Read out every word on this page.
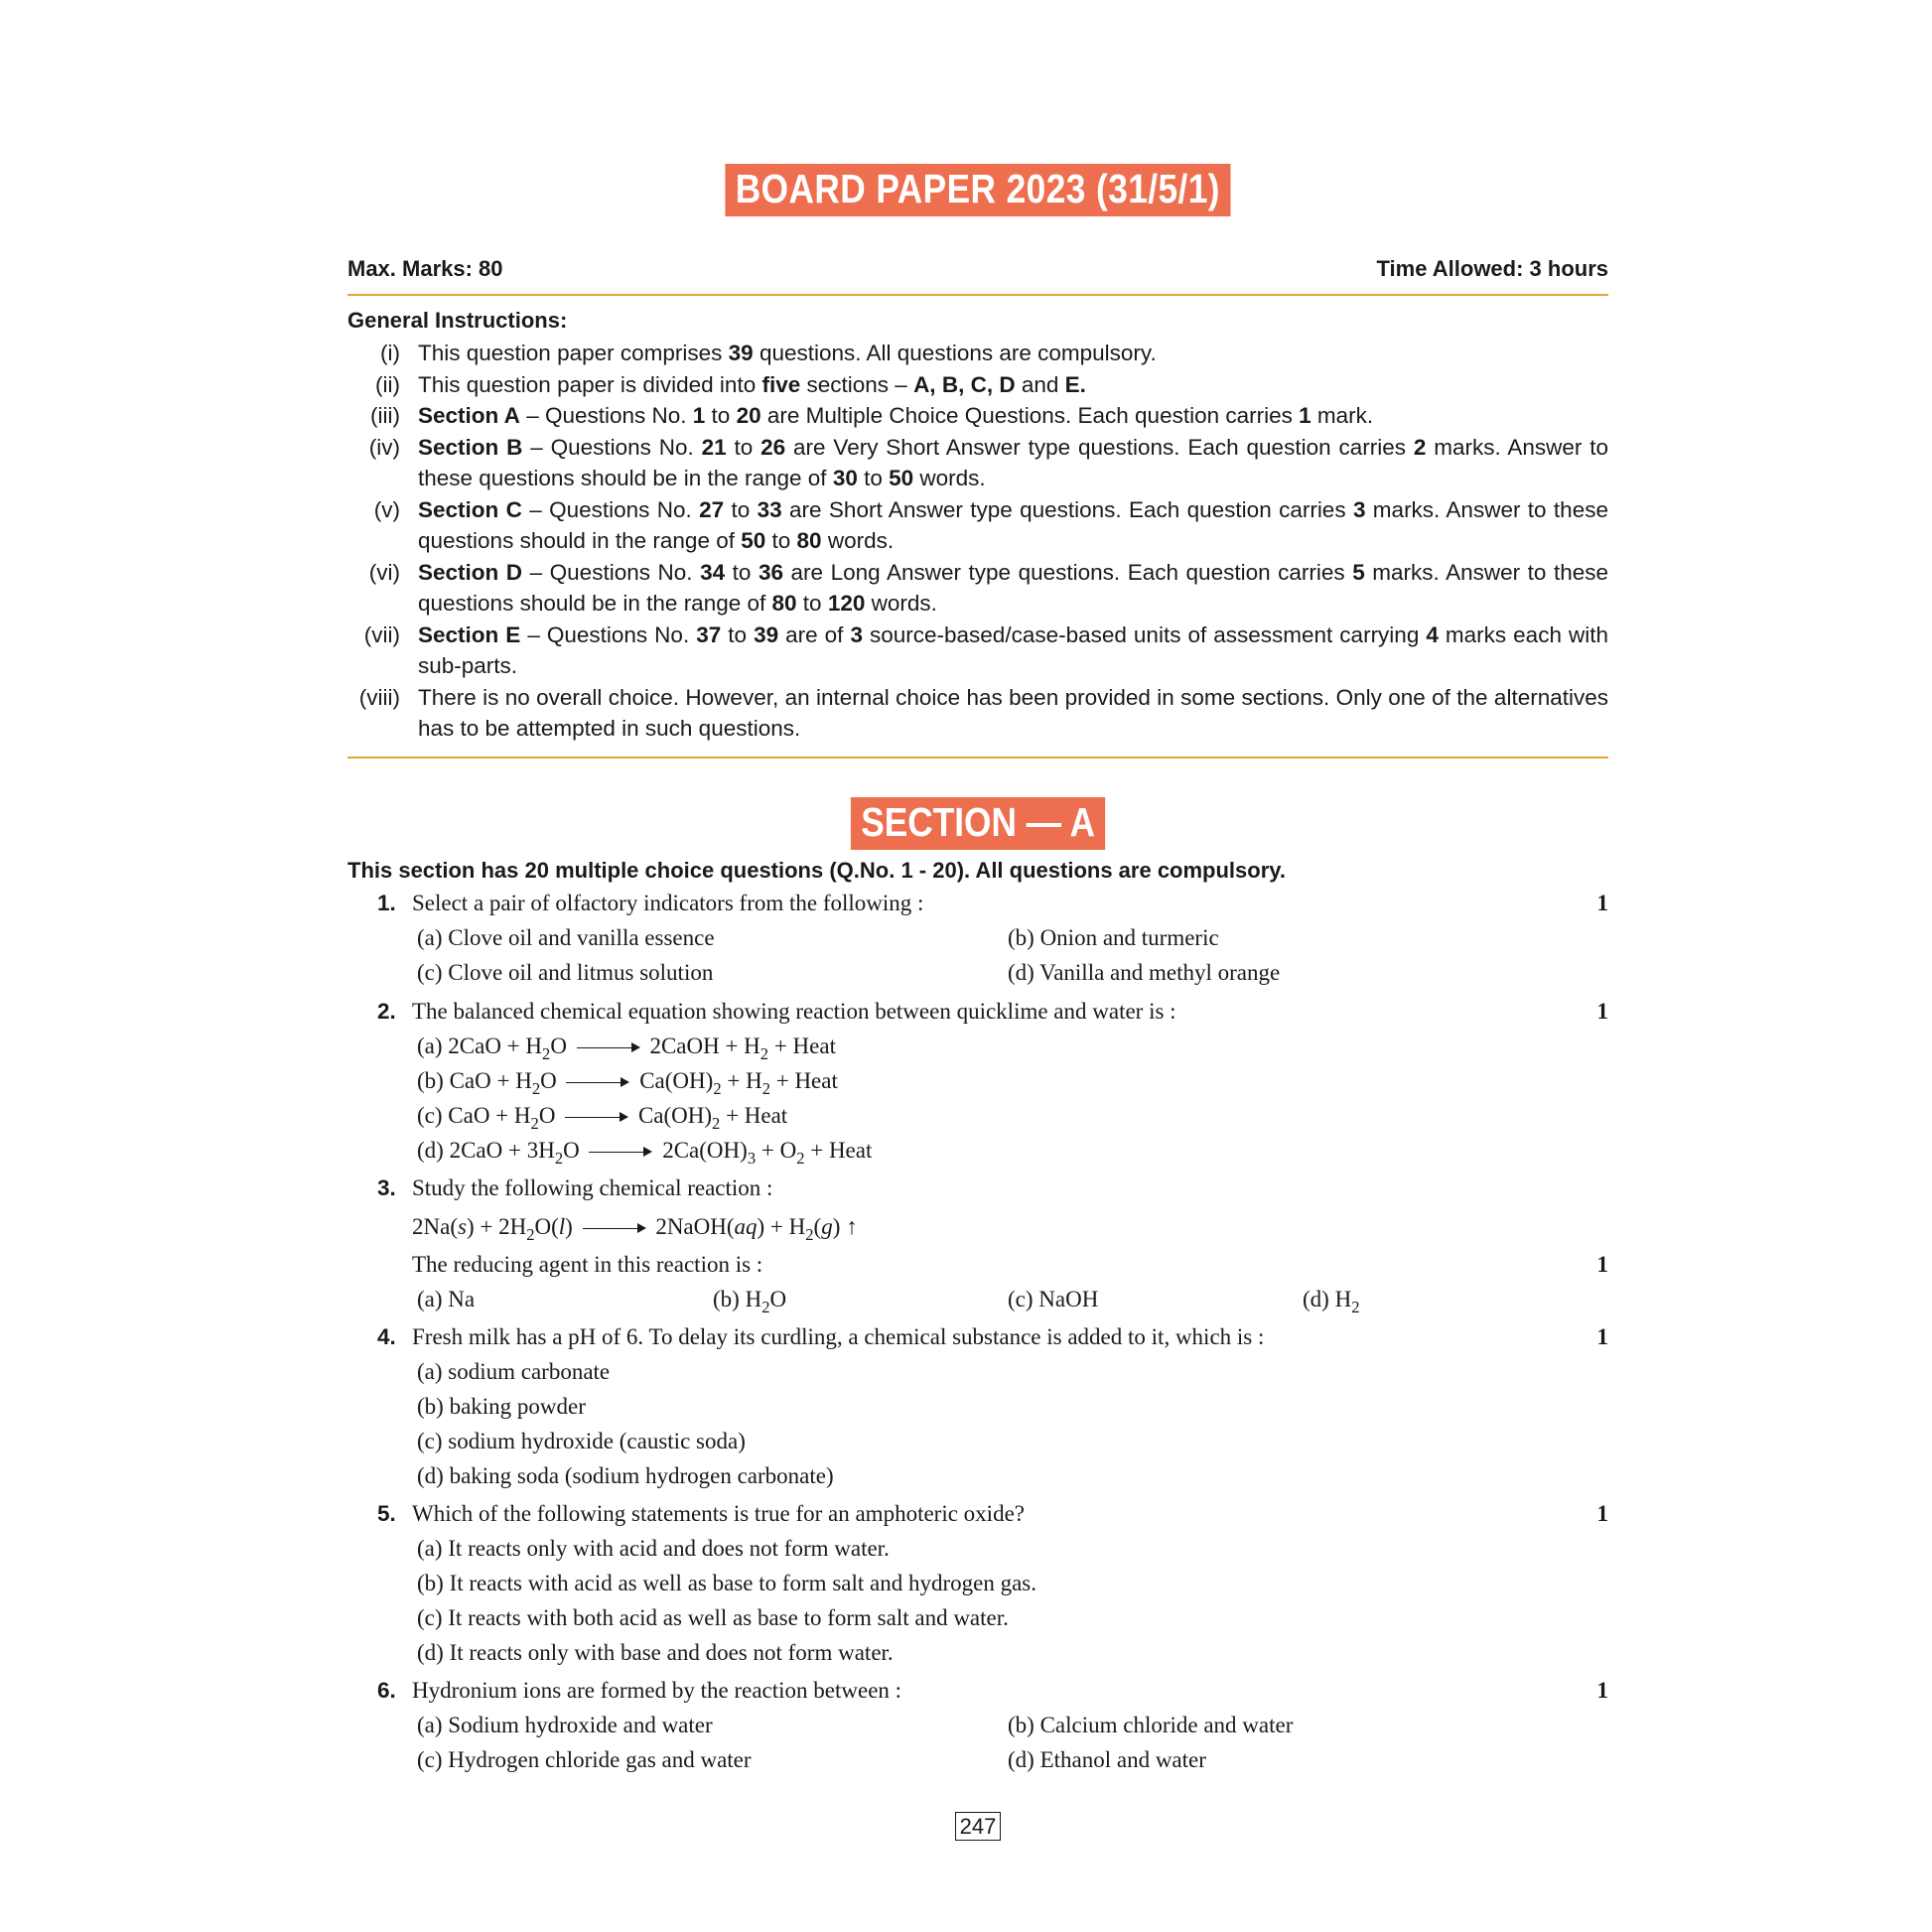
BOARD PAPER 2023 (31/5/1)
Max. Marks: 80	Time Allowed: 3 hours
General Instructions:
(i) This question paper comprises 39 questions. All questions are compulsory.
(ii) This question paper is divided into five sections – A, B, C, D and E.
(iii) Section A – Questions No. 1 to 20 are Multiple Choice Questions. Each question carries 1 mark.
(iv) Section B – Questions No. 21 to 26 are Very Short Answer type questions. Each question carries 2 marks. Answer to these questions should be in the range of 30 to 50 words.
(v) Section C – Questions No. 27 to 33 are Short Answer type questions. Each question carries 3 marks. Answer to these questions should in the range of 50 to 80 words.
(vi) Section D – Questions No. 34 to 36 are Long Answer type questions. Each question carries 5 marks. Answer to these questions should be in the range of 80 to 120 words.
(vii) Section E – Questions No. 37 to 39 are of 3 source-based/case-based units of assessment carrying 4 marks each with sub-parts.
(viii) There is no overall choice. However, an internal choice has been provided in some sections. Only one of the alternatives has to be attempted in such questions.
SECTION — A
This section has 20 multiple choice questions (Q.No. 1 - 20). All questions are compulsory.
1. Select a pair of olfactory indicators from the following :	1
(a) Clove oil and vanilla essence	(b) Onion and turmeric
(c) Clove oil and litmus solution	(d) Vanilla and methyl orange
2. The balanced chemical equation showing reaction between quicklime and water is :	1
(a) $2CaO + H_2O$	2CaOH + $H_2$ + Heat
(b) CaO + $H_2O$	$Ca(OH)_2 + H_2$ + Heat
(c) CaO + $H_2O$	$Ca(OH)_2$ + Heat
(d) $2CaO + 3H_2O$	$2Ca(OH)_3 + O_2$ + Heat
3. Study the following chemical reaction :
$2Na(s) + 2H_2O(l)$	2NaOH(aq) + $H_2(g)$ ↑
The reducing agent in this reaction is :	1
(a) Na	(b) $H_2O$	(c) NaOH	(d) $H_2$
4. Fresh milk has a pH of 6. To delay its curdling, a chemical substance is added to it, which is :	1
(a) sodium carbonate
(b) baking powder
(c) sodium hydroxide (caustic soda)
(d) baking soda (sodium hydrogen carbonate)
5. Which of the following statements is true for an amphoteric oxide?	1
(a) It reacts only with acid and does not form water.
(b) It reacts with acid as well as base to form salt and hydrogen gas.
(c) It reacts with both acid as well as base to form salt and water.
(d) It reacts only with base and does not form water.
6. Hydronium ions are formed by the reaction between :	1
(a) Sodium hydroxide and water	(b) Calcium chloride and water
(c) Hydrogen chloride gas and water	(d) Ethanol and water
247
